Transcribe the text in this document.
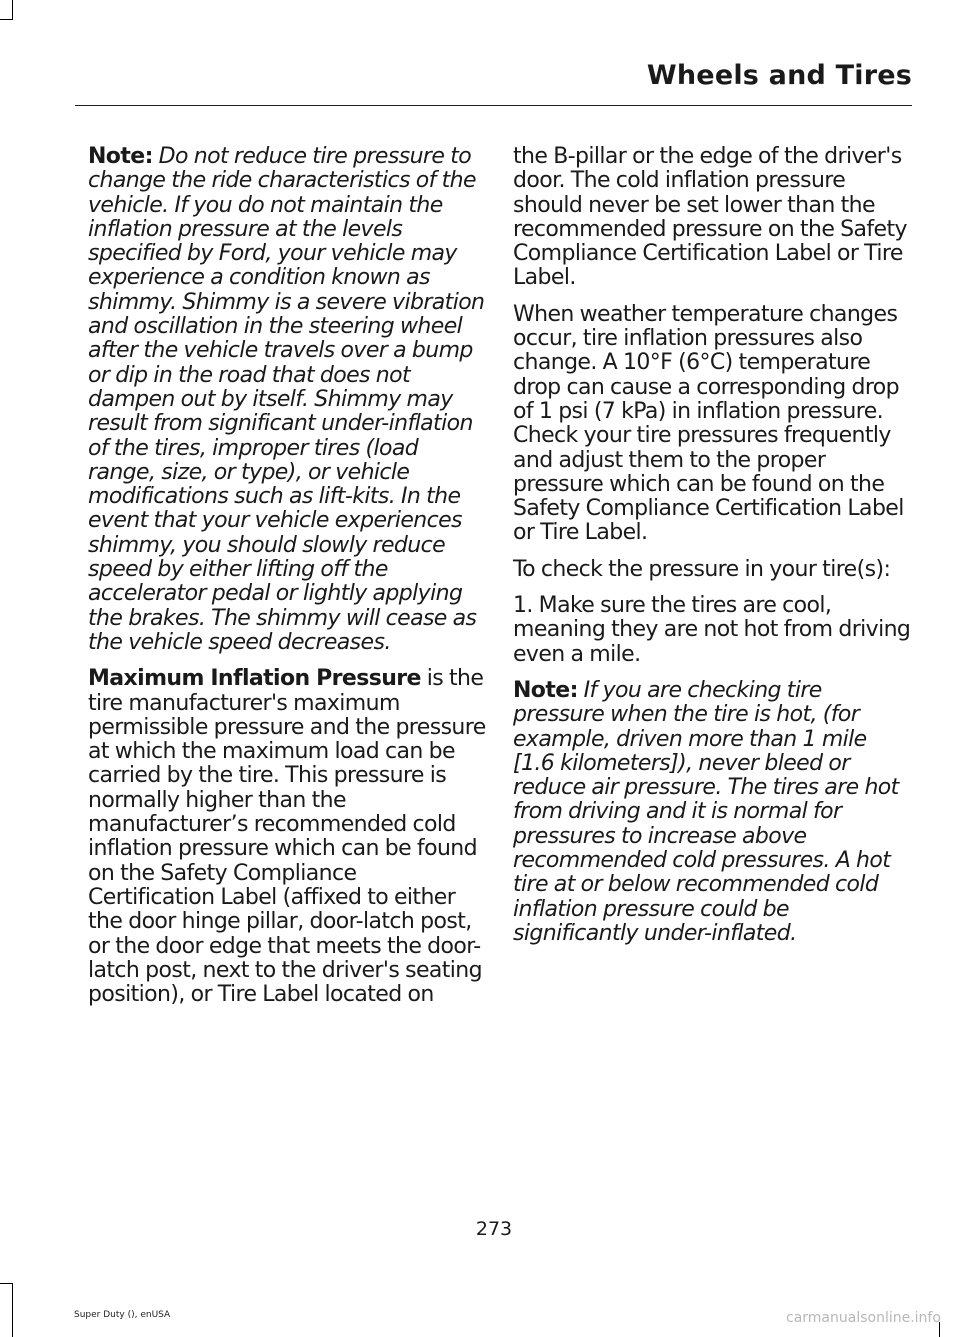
Wheels and Tires

Note: Do not reduce tire pressure to change the ride characteristics of the vehicle. If you do not maintain the inflation pressure at the levels specified by Ford, your vehicle may experience a condition known as shimmy. Shimmy is a severe vibration and oscillation in the steering wheel after the vehicle travels over a bump or dip in the road that does not dampen out by itself. Shimmy may result from significant under-inflation of the tires, improper tires (load range, size, or type), or vehicle modifications such as lift-kits. In the event that your vehicle experiences shimmy, you should slowly reduce speed by either lifting off the accelerator pedal or lightly applying the brakes. The shimmy will cease as the vehicle speed decreases.

Maximum Inflation Pressure is the tire manufacturer's maximum permissible pressure and the pressure at which the maximum load can be carried by the tire. This pressure is normally higher than the manufacturer’s recommended cold inflation pressure which can be found on the Safety Compliance Certification Label (affixed to either the door hinge pillar, door-latch post, or the door edge that meets the door-latch post, next to the driver's seating position), or Tire Label located on

the B-pillar or the edge of the driver's door. The cold inflation pressure should never be set lower than the recommended pressure on the Safety Compliance Certification Label or Tire Label.

When weather temperature changes occur, tire inflation pressures also change. A 10°F (6°C) temperature drop can cause a corresponding drop of 1 psi (7 kPa) in inflation pressure. Check your tire pressures frequently and adjust them to the proper pressure which can be found on the Safety Compliance Certification Label or Tire Label.

To check the pressure in your tire(s):

1. Make sure the tires are cool, meaning they are not hot from driving even a mile.

Note: If you are checking tire pressure when the tire is hot, (for example, driven more than 1 mile [1.6 kilometers]), never bleed or reduce air pressure. The tires are hot from driving and it is normal for pressures to increase above recommended cold pressures. A hot tire at or below recommended cold inflation pressure could be significantly under-inflated.

273
Super Duty (), enUSA	carmanualsonline.info
